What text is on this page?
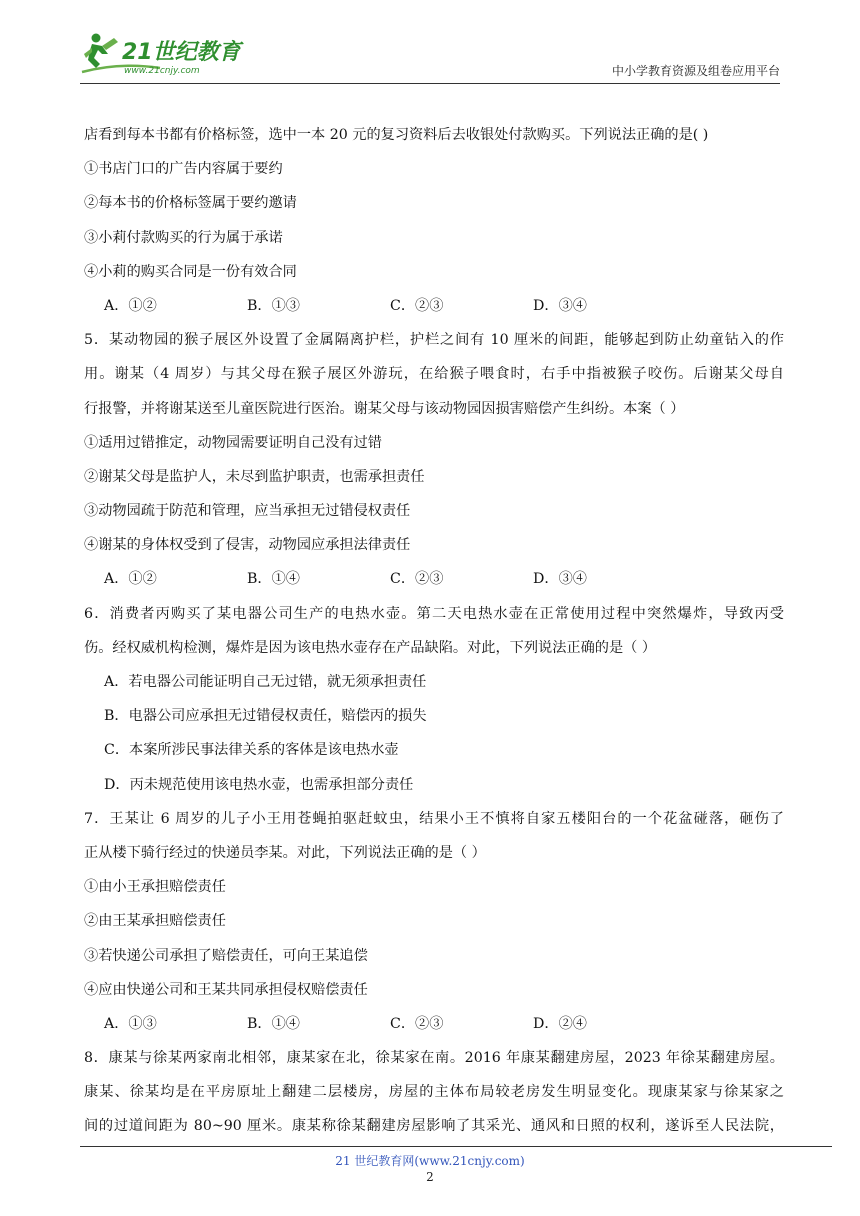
21世纪教育
www.21cnjy.com	中小学教育资源及组卷应用平台
店看到每本书都有价格标签，选中一本 20 元的复习资料后去收银处付款购买。下列说法正确的是( )
①书店门口的广告内容属于要约
②每本书的价格标签属于要约邀请
③小莉付款购买的行为属于承诺
④小莉的购买合同是一份有效合同
A．①②	B．①③	C．②③	D．③④
5．某动物园的猴子展区外设置了金属隔离护栏，护栏之间有 10 厘米的间距，能够起到防止幼童钻入的作
用。谢某（4 周岁）与其父母在猴子展区外游玩，在给猴子喂食时，右手中指被猴子咬伤。后谢某父母自
行报警，并将谢某送至儿童医院进行医治。谢某父母与该动物园因损害赔偿产生纠纷。本案（ ）
①适用过错推定，动物园需要证明自己没有过错
②谢某父母是监护人，未尽到监护职责，也需承担责任
③动物园疏于防范和管理，应当承担无过错侵权责任
④谢某的身体权受到了侵害，动物园应承担法律责任
A．①②	B．①④	C．②③	D．③④
6．消费者丙购买了某电器公司生产的电热水壶。第二天电热水壶在正常使用过程中突然爆炸，导致丙受
伤。经权威机构检测，爆炸是因为该电热水壶存在产品缺陷。对此，下列说法正确的是（ ）
A．若电器公司能证明自己无过错，就无须承担责任
B．电器公司应承担无过错侵权责任，赔偿丙的损失
C．本案所涉民事法律关系的客体是该电热水壶
D．丙未规范使用该电热水壶，也需承担部分责任
7．王某让 6 周岁的儿子小王用苍蝇拍驱赶蚊虫，结果小王不慎将自家五楼阳台的一个花盆碰落，砸伤了
正从楼下骑行经过的快递员李某。对此，下列说法正确的是（ ）
①由小王承担赔偿责任
②由王某承担赔偿责任
③若快递公司承担了赔偿责任，可向王某追偿
④应由快递公司和王某共同承担侵权赔偿责任
A．①③	B．①④	C．②③	D．②④
8．康某与徐某两家南北相邻，康某家在北，徐某家在南。2016 年康某翻建房屋，2023 年徐某翻建房屋。
康某、徐某均是在平房原址上翻建二层楼房，房屋的主体布局较老房发生明显变化。现康某家与徐某家之
间的过道间距为 80~90 厘米。康某称徐某翻建房屋影响了其采光、通风和日照的权利，遂诉至人民法院，
21 世纪教育网(www.21cnjy.com)
2
